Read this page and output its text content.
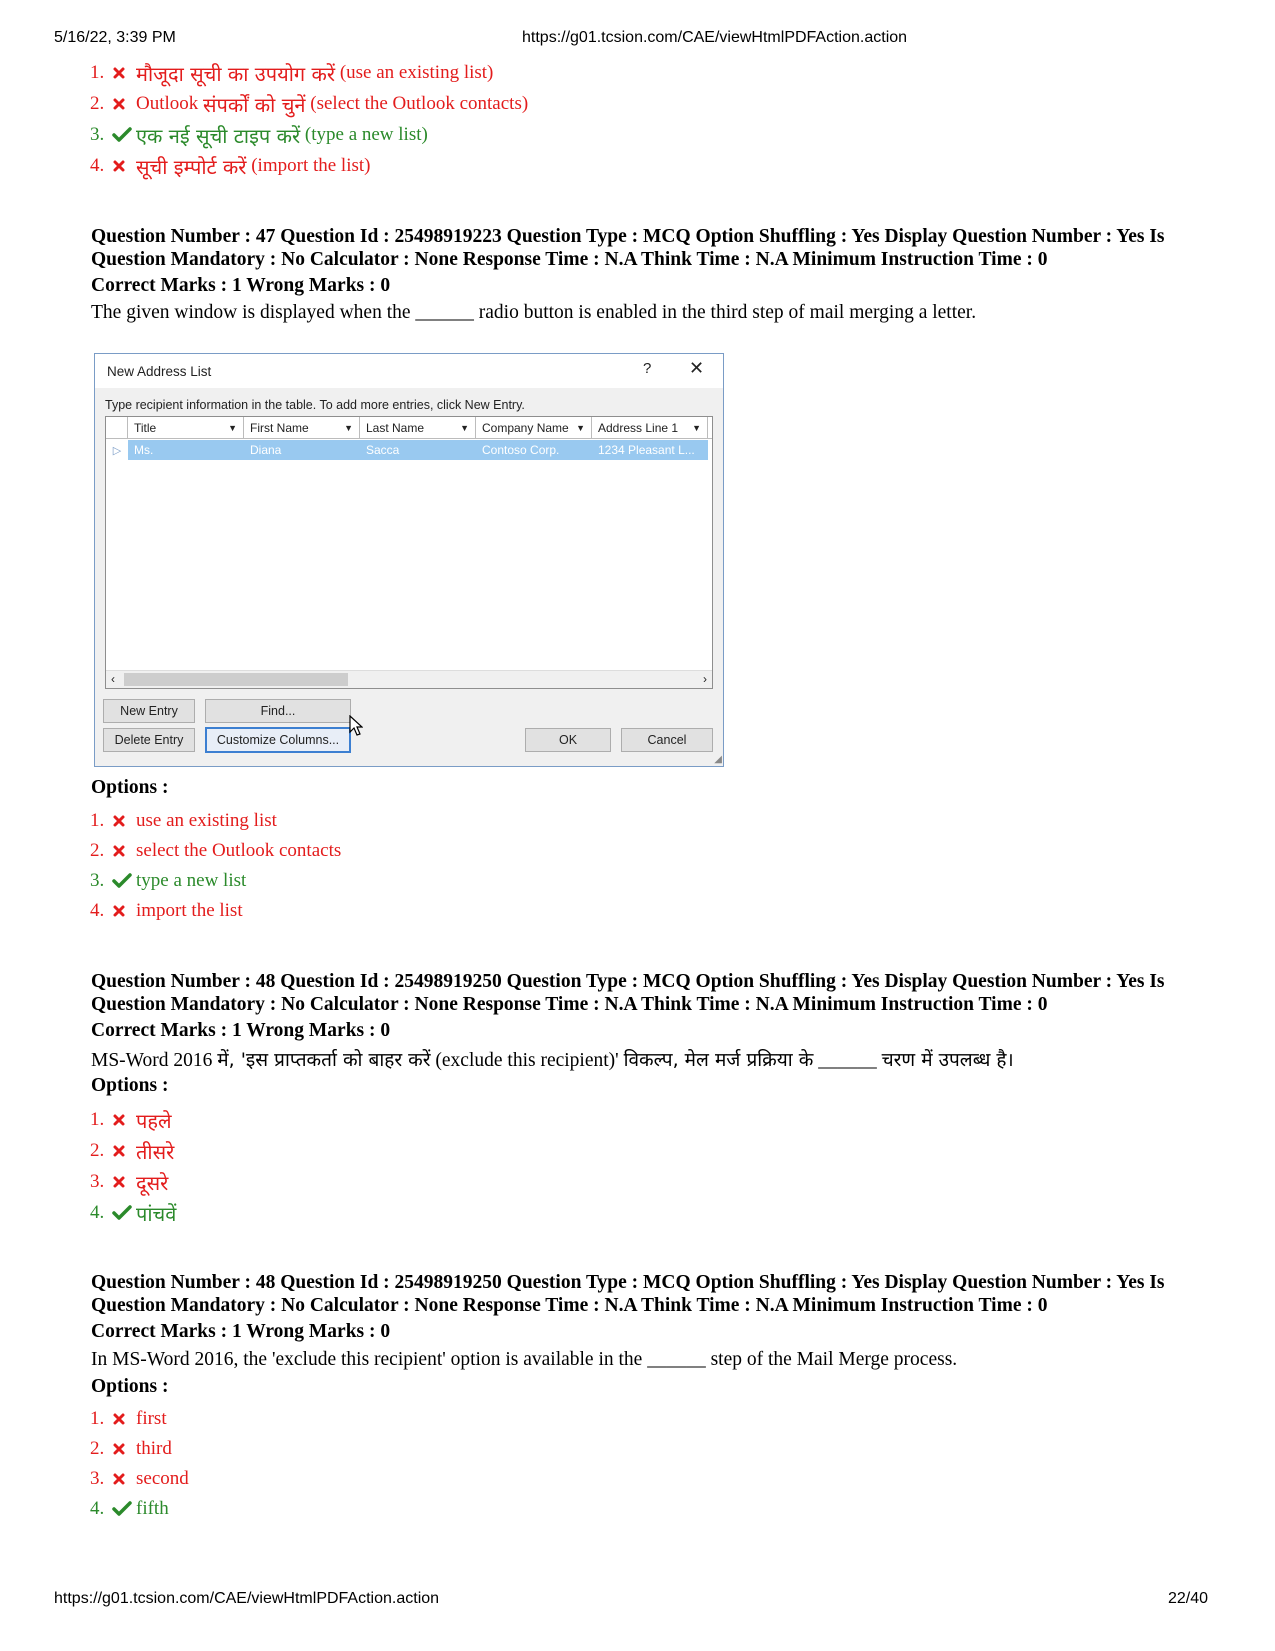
5/16/22, 3:39 PM	https://g01.tcsion.com/CAE/viewHtmlPDFAction.action
1.	मौजूदा सूची का उपयोग करें
(use an existing list)
2.	Outlook
संपर्कों को चुनें
(select the Outlook contacts)
3.	एक नई सूची टाइप करें
(type a new list)
4.	सूची इम्पोर्ट करें
(import the list)
Question Number : 47 Question Id : 25498919223 Question Type : MCQ Option Shuffling : Yes Display Question Number : Yes Is Question Mandatory : No Calculator : None Response Time : N.A Think Time : N.A Minimum Instruction Time : 0
Correct Marks : 1 Wrong Marks : 0
The given window is displayed when the ______ radio button is enabled in the third step of mail merging a letter.
New Address List	? ✕
Type recipient information in the table. To add more entries, click New Entry.
Title	▼ First Name	▼ Last Name	▼ Company Name ▼ Address Line 1 ▼
▷	Ms.	Diana	Sacca	Contoso Corp.	1234 Pleasant L...
‹	›
New Entry	Find...
Delete Entry	Customize Columns...	OK	Cancel
◢
Options :
1.	use an existing list
2.	select the Outlook contacts
3.	type a new list
4.	import the list
Question Number : 48 Question Id : 25498919250 Question Type : MCQ Option Shuffling : Yes Display Question Number : Yes Is Question Mandatory : No Calculator : None Response Time : N.A Think Time : N.A Minimum Instruction Time : 0
Correct Marks : 1 Wrong Marks : 0
MS-Word 2016 में, 'इस प्राप्तकर्ता को बाहर करें (exclude this recipient)' विकल्प, मेल मर्ज प्रक्रिया के ______ चरण में उपलब्ध है।
Options :
1.	पहले
2.	तीसरे
3.	दूसरे
4.	पांचवें
Question Number : 48 Question Id : 25498919250 Question Type : MCQ Option Shuffling : Yes Display Question Number : Yes Is Question Mandatory : No Calculator : None Response Time : N.A Think Time : N.A Minimum Instruction Time : 0
Correct Marks : 1 Wrong Marks : 0
In MS-Word 2016, the 'exclude this recipient' option is available in the ______ step of the Mail Merge process.
Options :
1.	first
2.	third
3.	second
4.	fifth
https://g01.tcsion.com/CAE/viewHtmlPDFAction.action	22/40
